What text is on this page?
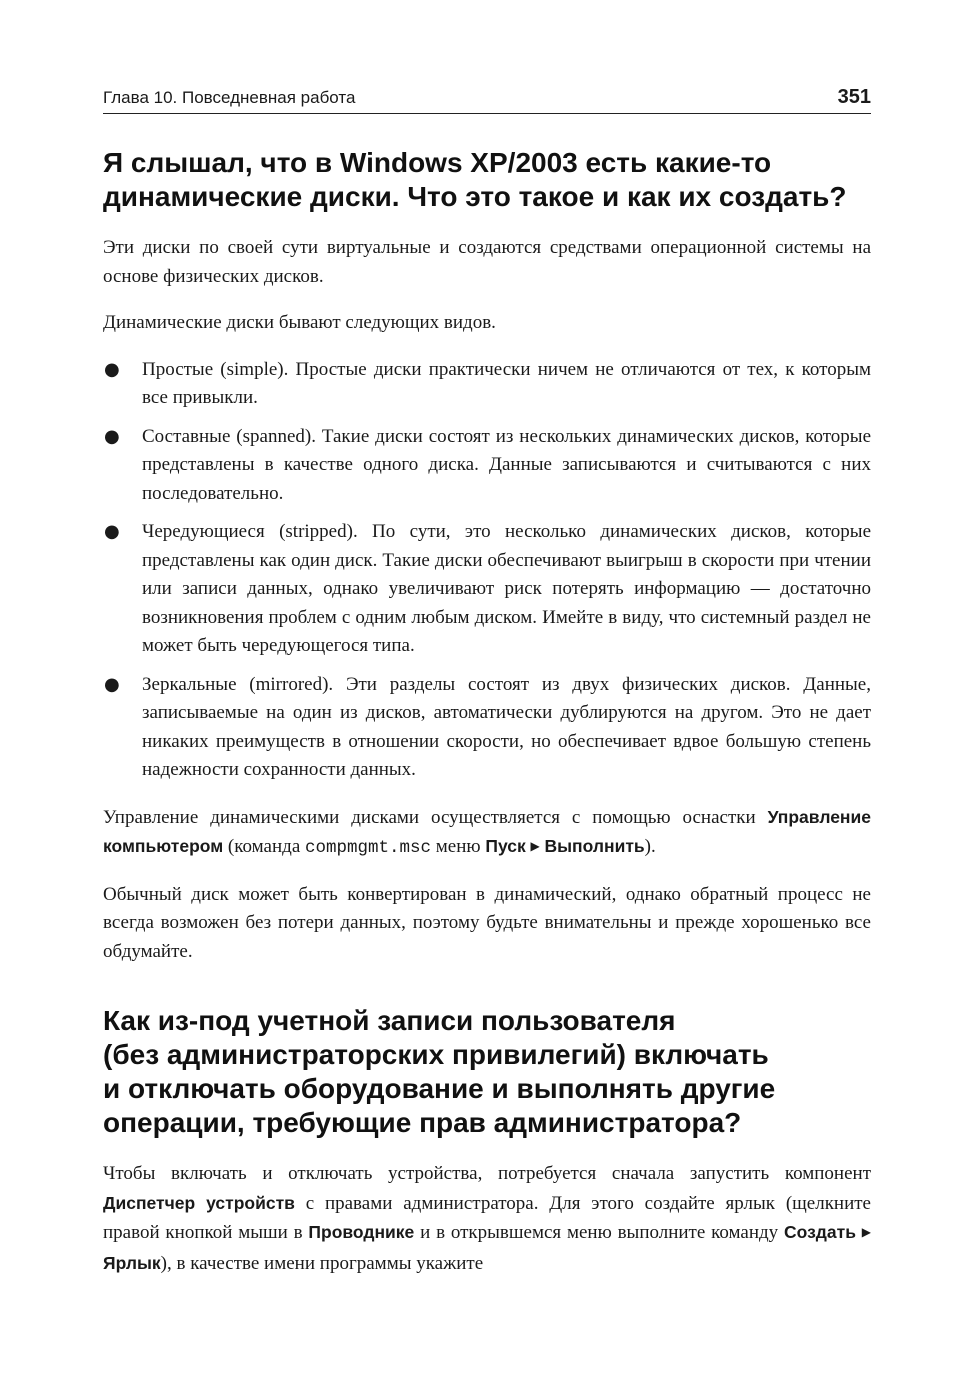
Глава 10. Повседневная работа	351
Я слышал, что в Windows XP/2003 есть какие-то
динамические диски. Что это такое и как их создать?

Эти диски по своей сути виртуальные и создаются средствами операционной системы на основе физических дисков.

Динамические диски бывают следующих видов.

● Простые (simple). Простые диски практически ничем не отличаются от тех, к которым все привыкли.
● Составные (spanned). Такие диски состоят из нескольких динамических дисков, которые представлены в качестве одного диска. Данные записываются и считываются с них последовательно.
● Чередующиеся (stripped). По сути, это несколько динамических дисков, которые представлены как один диск. Такие диски обеспечивают выигрыш в скорости при чтении или записи данных, однако увеличивают риск потерять информацию — достаточно возникновения проблем с одним любым диском. Имейте в виду, что системный раздел не может быть чередующегося типа.
● Зеркальные (mirrored). Эти разделы состоят из двух физических дисков. Данные, записываемые на один из дисков, автоматически дублируются на другом. Это не дает никаких преимуществ в отношении скорости, но обеспечивает вдвое большую степень надежности сохранности данных.

Управление динамическими дисками осуществляется с помощью оснастки Управление компьютером (команда compmgmt.msc меню Пуск ▶ Выполнить).

Обычный диск может быть конвертирован в динамический, однако обратный процесс не всегда возможен без потери данных, поэтому будьте внимательны и прежде хорошенько все обдумайте.

Как из-под учетной записи пользователя
(без администраторских привилегий) включать
и отключать оборудование и выполнять другие
операции, требующие прав администратора?

Чтобы включать и отключать устройства, потребуется сначала запустить компонент Диспетчер устройств с правами администратора. Для этого создайте ярлык (щелкните правой кнопкой мыши в Проводнике и в открывшемся меню выполните команду Создать ▶ Ярлык), в качестве имени программы укажите
